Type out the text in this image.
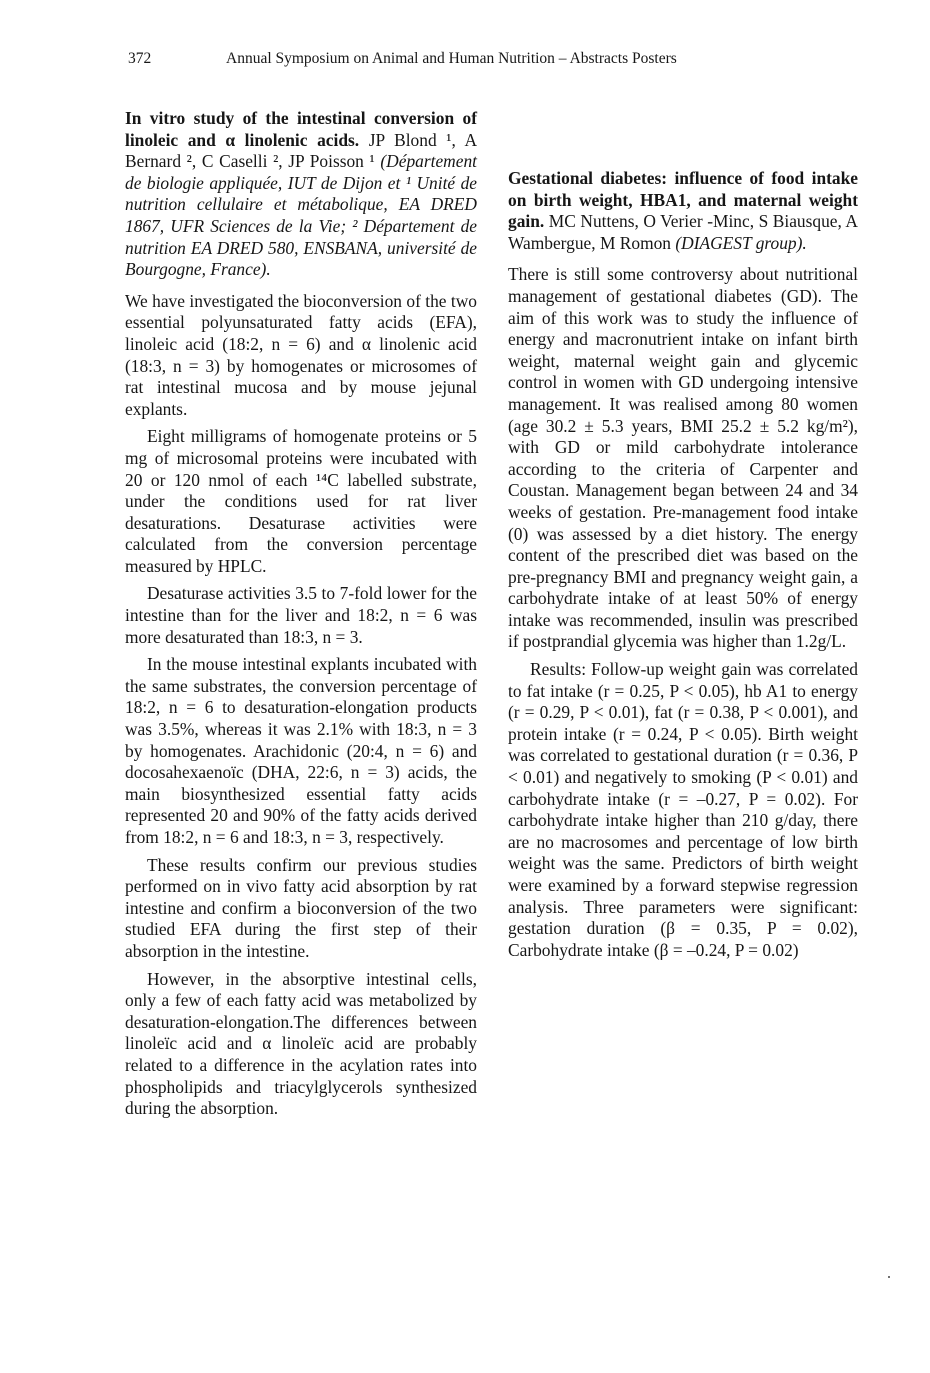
372	Annual Symposium on Animal and Human Nutrition – Abstracts Posters

In vitro study of the intestinal conversion of linoleic and α linolenic acids. JP Blond ¹, A Bernard ², C Caselli ², JP Poisson ¹ (Département de biologie appliquée, IUT de Dijon et ¹ Unité de nutrition cellulaire et métabolique, EA DRED 1867, UFR Sciences de la Vie; ² Département de nutrition EA DRED 580, ENSBANA, université de Bourgogne, France).

We have investigated the bioconversion of the two essential polyunsaturated fatty acids (EFA), linoleic acid (18:2, n = 6) and α linolenic acid (18:3, n = 3) by homogenates or microsomes of rat intestinal mucosa and by mouse jejunal explants.

Eight milligrams of homogenate proteins or 5 mg of microsomal proteins were incubated with 20 or 120 nmol of each ¹⁴C labelled substrate, under the conditions used for rat liver desaturations. Desaturase activities were calculated from the conversion percentage measured by HPLC.

Desaturase activities 3.5 to 7-fold lower for the intestine than for the liver and 18:2, n = 6 was more desaturated than 18:3, n = 3.

In the mouse intestinal explants incubated with the same substrates, the conversion percentage of 18:2, n = 6 to desaturation-elongation products was 3.5%, whereas it was 2.1% with 18:3, n = 3 by homogenates. Arachidonic (20:4, n = 6) and docosahexaenoïc (DHA, 22:6, n = 3) acids, the main biosynthesized essential fatty acids represented 20 and 90% of the fatty acids derived from 18:2, n = 6 and 18:3, n = 3, respectively.

These results confirm our previous studies performed on in vivo fatty acid absorption by rat intestine and confirm a bioconversion of the two studied EFA during the first step of their absorption in the intestine.

However, in the absorptive intestinal cells, only a few of each fatty acid was metabolized by desaturation-elongation.The differences between linoleïc acid and α linoleïc acid are probably related to a difference in the acylation rates into phospholipids and triacylglycerols synthesized during the absorption.

Gestational diabetes: influence of food intake on birth weight, HBA1, and maternal weight gain. MC Nuttens, O Verier -Minc, S Biausque, A Wambergue, M Romon (DIAGEST group).

There is still some controversy about nutritional management of gestational diabetes (GD). The aim of this work was to study the influence of energy and macronutrient intake on infant birth weight, maternal weight gain and glycemic control in women with GD undergoing intensive management. It was realised among 80 women (age 30.2 ± 5.3 years, BMI 25.2 ± 5.2 kg/m²), with GD or mild carbohydrate intolerance according to the criteria of Carpenter and Coustan. Management began between 24 and 34 weeks of gestation. Pre-management food intake (0) was assessed by a diet history. The energy content of the prescribed diet was based on the pre-pregnancy BMI and pregnancy weight gain, a carbohydrate intake of at least 50% of energy intake was recommended, insulin was prescribed if postprandial glycemia was higher than 1.2g/L.

Results: Follow-up weight gain was correlated to fat intake (r = 0.25, P < 0.05), hb A1 to energy (r = 0.29, P < 0.01), fat (r = 0.38, P < 0.001), and protein intake (r = 0.24, P < 0.05). Birth weight was correlated to gestational duration (r = 0.36, P < 0.01) and negatively to smoking (P < 0.01) and carbohydrate intake (r = –0.27, P = 0.02). For carbohydrate intake higher than 210 g/day, there are no macrosomes and percentage of low birth weight was the same. Predictors of birth weight were examined by a forward stepwise regression analysis. Three parameters were significant: gestation duration (β = 0.35, P = 0.02), Carbohydrate intake (β = –0.24, P = 0.02)
